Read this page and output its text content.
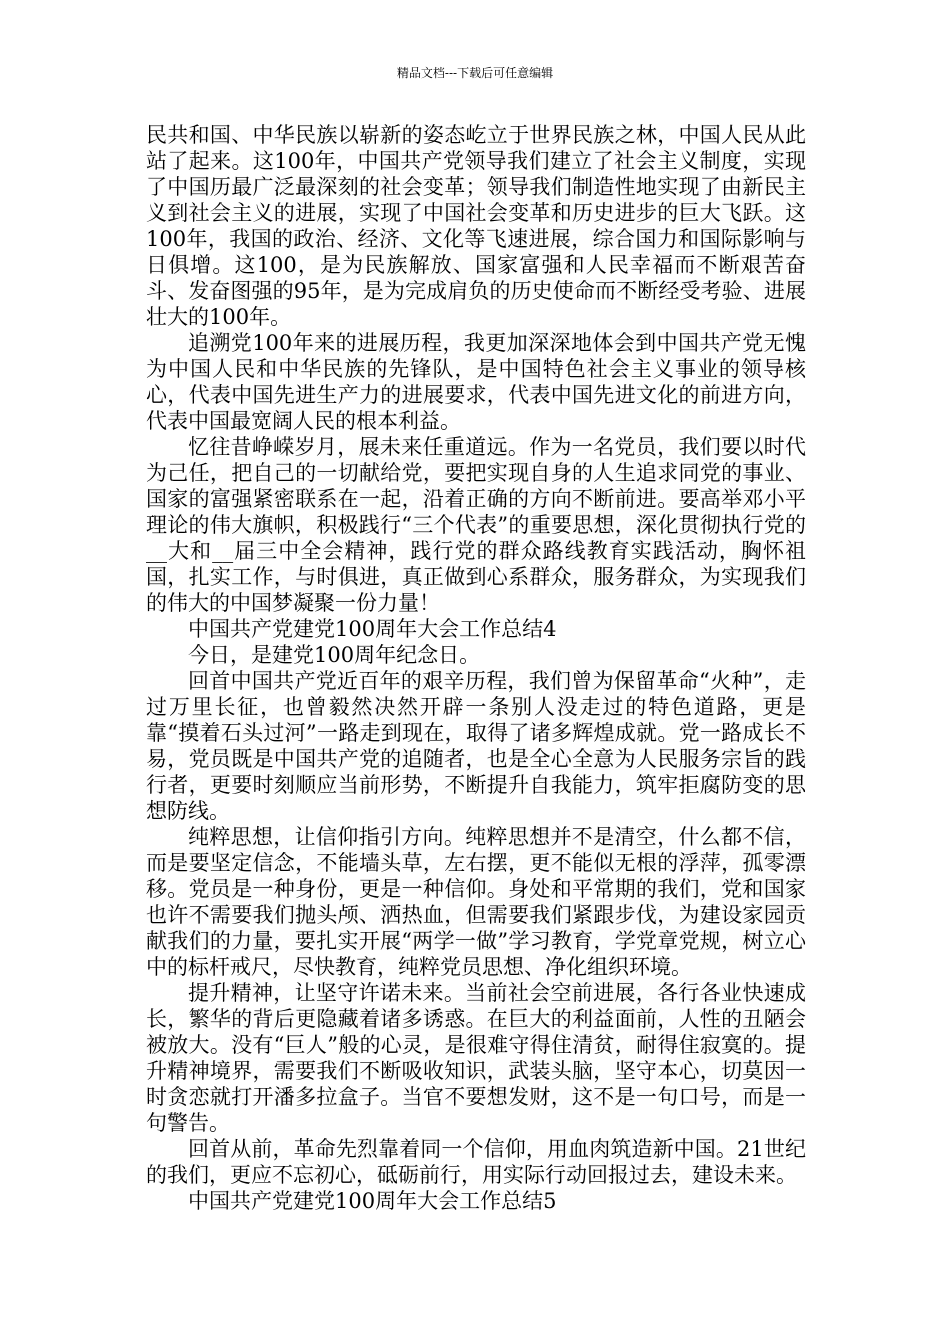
精品文档---下载后可任意编辑

民共和国、中华民族以崭新的姿态屹立于世界民族之林，中国人民从此站了起来。这100年，中国共产党领导我们建立了社会主义制度，实现了中国历最广泛最深刻的社会变革；领导我们制造性地实现了由新民主义到社会主义的进展，实现了中国社会变革和历史进步的巨大飞跃。这100年，我国的政治、经济、文化等飞速进展，综合国力和国际影响与日俱增。这100，是为民族解放、国家富强和人民幸福而不断艰苦奋斗、发奋图强的95年，是为完成肩负的历史使命而不断经受考验、进展壮大的100年。

追溯党100年来的进展历程，我更加深深地体会到中国共产党无愧为中国人民和中华民族的先锋队，是中国特色社会主义事业的领导核心，代表中国先进生产力的进展要求，代表中国先进文化的前进方向，代表中国最宽阔人民的根本利益。

忆往昔峥嵘岁月，展未来任重道远。作为一名党员，我们要以时代为己任，把自己的一切献给党，要把实现自身的人生追求同党的事业、国家的富强紧密联系在一起，沿着正确的方向不断前进。要高举邓小平理论的伟大旗帜，积极践行“三个代表”的重要思想，深化贯彻执行党的__大和__届三中全会精神，践行党的群众路线教育实践活动，胸怀祖国，扎实工作，与时俱进，真正做到心系群众，服务群众，为实现我们的伟大的中国梦凝聚一份力量！

中国共产党建党100周年大会工作总结4

今日，是建党100周年纪念日。

回首中国共产党近百年的艰辛历程，我们曾为保留革命“火种”，走过万里长征，也曾毅然决然开辟一条别人没走过的特色道路，更是靠“摸着石头过河”一路走到现在，取得了诸多辉煌成就。党一路成长不易，党员既是中国共产党的追随者，也是全心全意为人民服务宗旨的践行者，更要时刻顺应当前形势，不断提升自我能力，筑牢拒腐防变的思想防线。

纯粹思想，让信仰指引方向。纯粹思想并不是清空，什么都不信，而是要坚定信念，不能墙头草，左右摆，更不能似无根的浮萍，孤零漂移。党员是一种身份，更是一种信仰。身处和平常期的我们，党和国家也许不需要我们抛头颅、洒热血，但需要我们紧跟步伐，为建设家园贡献我们的力量，要扎实开展“两学一做”学习教育，学党章党规，树立心中的标杆戒尺，尽快教育，纯粹党员思想、净化组织环境。

提升精神，让坚守许诺未来。当前社会空前进展，各行各业快速成长，繁华的背后更隐藏着诸多诱惑。在巨大的利益面前，人性的丑陋会被放大。没有“巨人”般的心灵，是很难守得住清贫，耐得住寂寞的。提升精神境界，需要我们不断吸收知识，武装头脑，坚守本心，切莫因一时贪恋就打开潘多拉盒子。当官不要想发财，这不是一句口号，而是一句警告。

回首从前，革命先烈靠着同一个信仰，用血肉筑造新中国。21世纪的我们，更应不忘初心，砥砺前行，用实际行动回报过去，建设未来。

中国共产党建党100周年大会工作总结5
